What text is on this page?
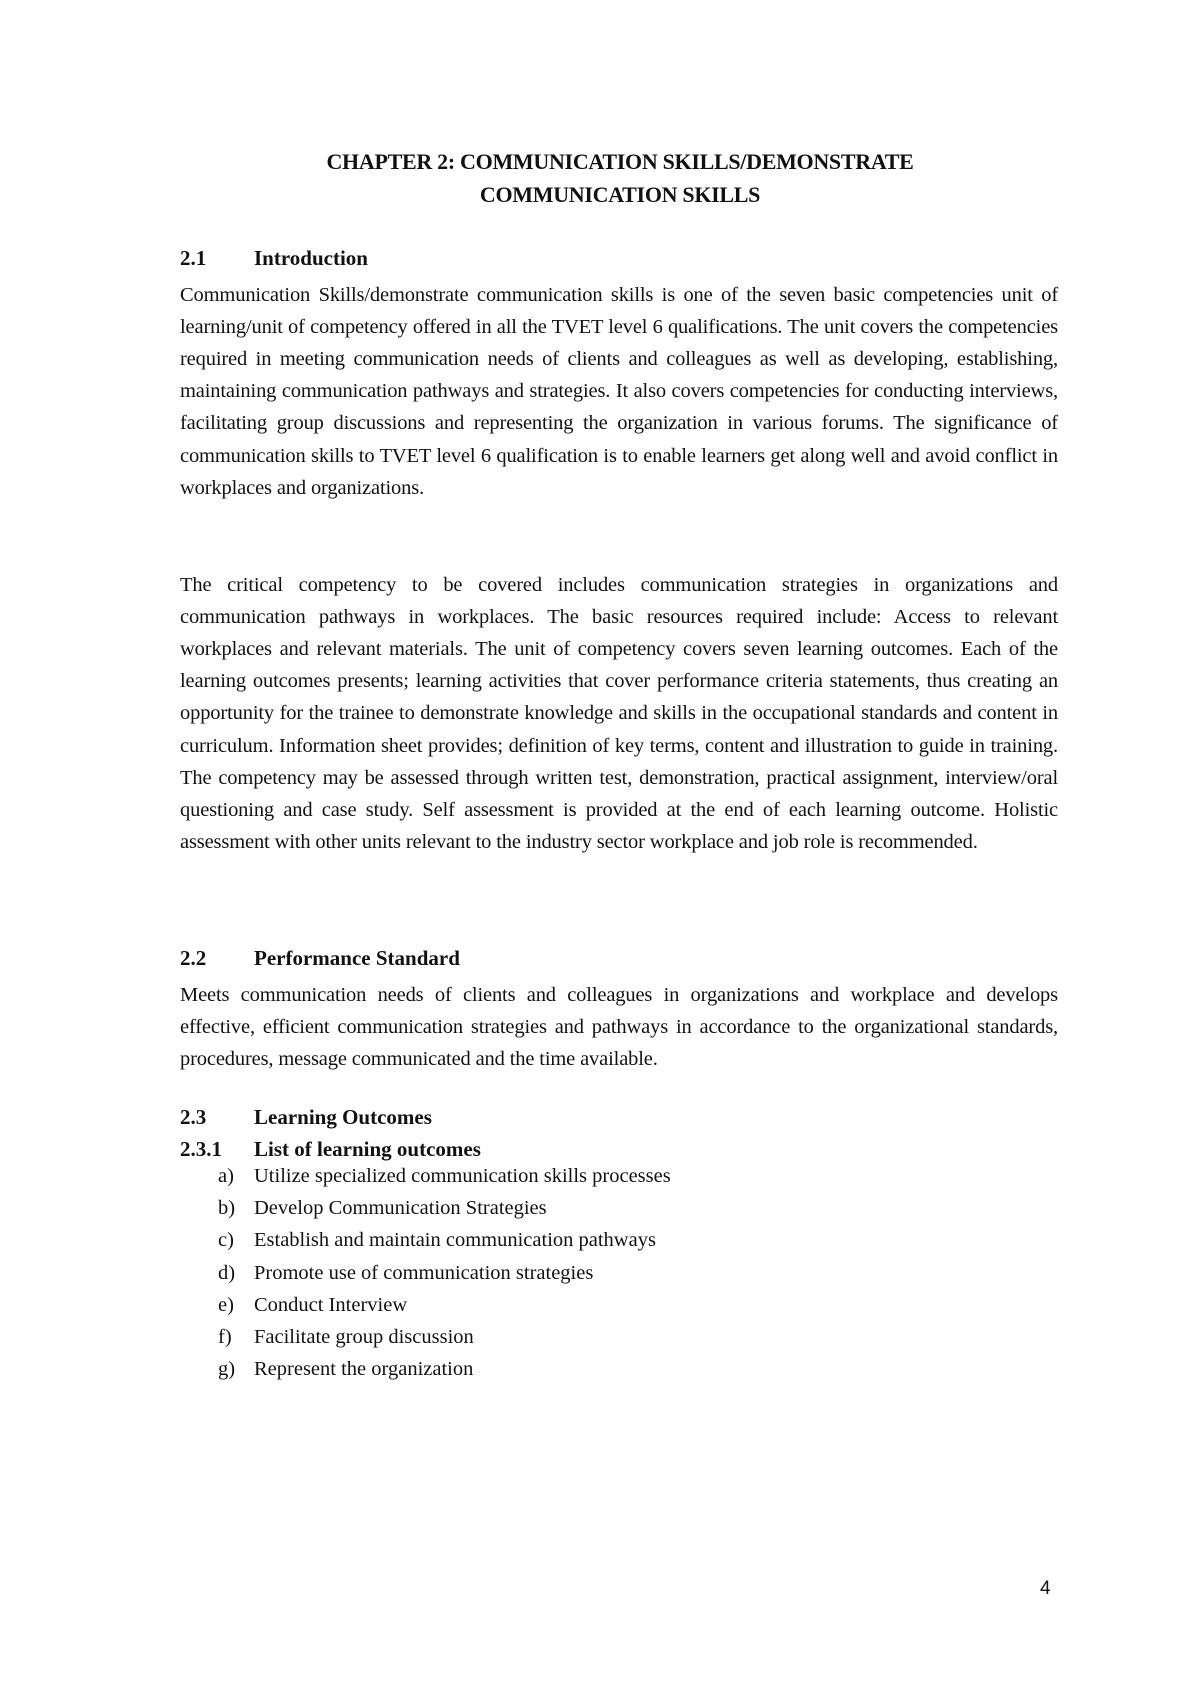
CHAPTER 2: COMMUNICATION SKILLS/DEMONSTRATE
COMMUNICATION SKILLS
2.1 Introduction

Communication Skills/demonstrate communication skills is one of the seven basic competencies unit of learning/unit of competency offered in all the TVET level 6 qualifications. The unit covers the competencies required in meeting communication needs of clients and colleagues as well as developing, establishing, maintaining communication pathways and strategies. It also covers competencies for conducting interviews, facilitating group discussions and representing the organization in various forums. The significance of communication skills to TVET level 6 qualification is to enable learners get along well and avoid conflict in workplaces and organizations.

The critical competency to be covered includes communication strategies in organizations and communication pathways in workplaces. The basic resources required include: Access to relevant workplaces and relevant materials. The unit of competency covers seven learning outcomes. Each of the learning outcomes presents; learning activities that cover performance criteria statements, thus creating an opportunity for the trainee to demonstrate knowledge and skills in the occupational standards and content in curriculum. Information sheet provides; definition of key terms, content and illustration to guide in training. The competency may be assessed through written test, demonstration, practical assignment, interview/oral questioning and case study. Self assessment is provided at the end of each learning outcome. Holistic assessment with other units relevant to the industry sector workplace and job role is recommended.

2.2 Performance Standard

Meets communication needs of clients and colleagues in organizations and workplace and develops effective, efficient communication strategies and pathways in accordance to the organizational standards, procedures, message communicated and the time available.

2.3 Learning Outcomes
2.3.1 List of learning outcomes
a) Utilize specialized communication skills processes
b) Develop Communication Strategies
c) Establish and maintain communication pathways
d) Promote use of communication strategies
e) Conduct Interview
f) Facilitate group discussion
g) Represent the organization
4
